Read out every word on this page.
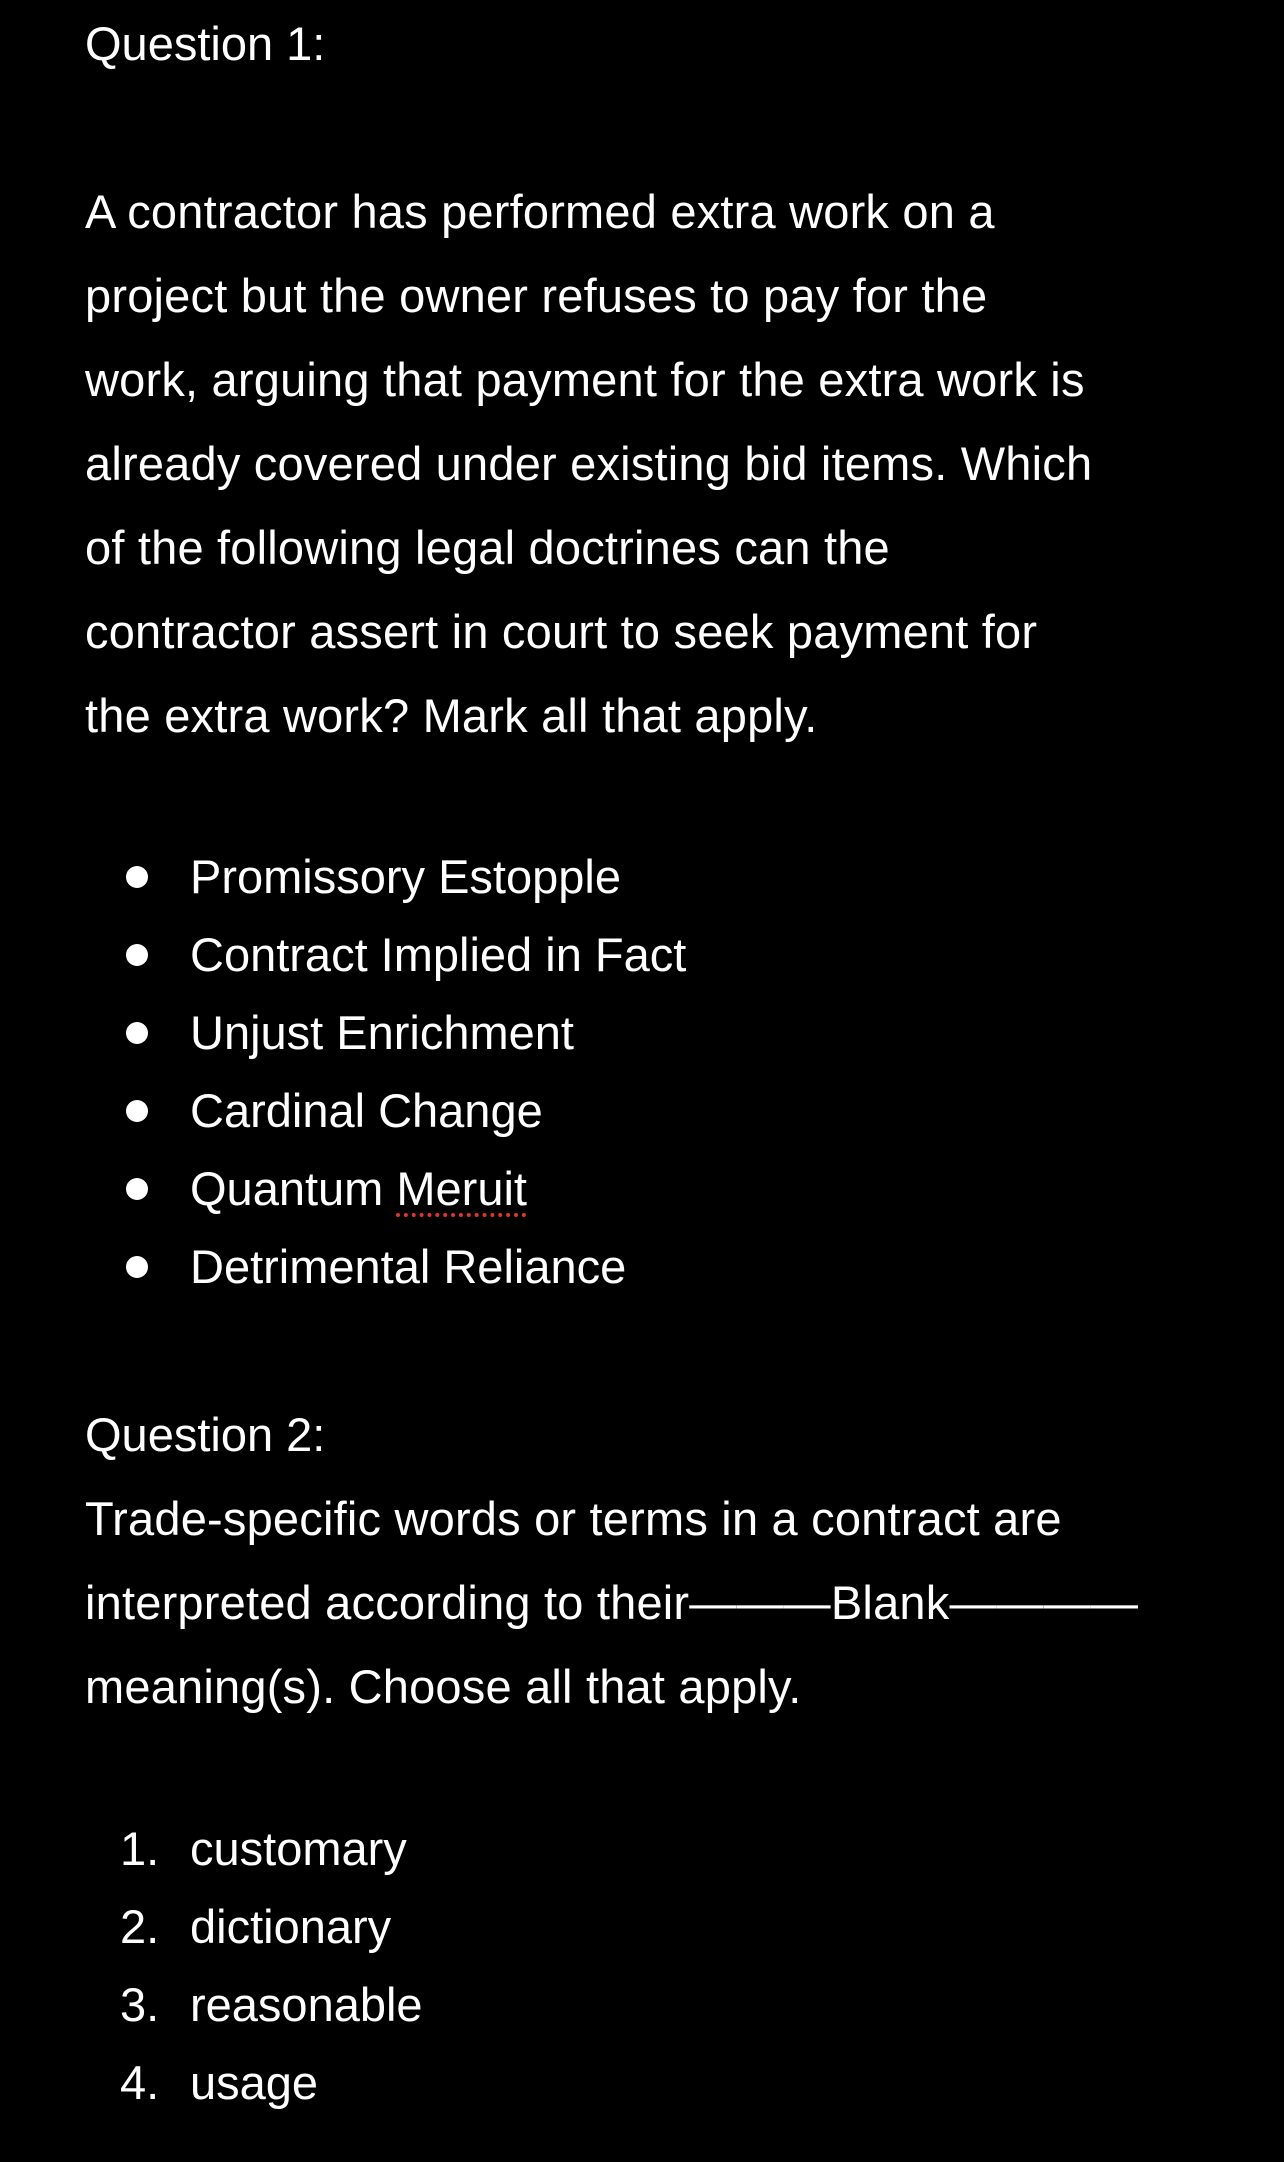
Question 1:
A contractor has performed extra work on a
project but the owner refuses to pay for the
work, arguing that payment for the extra work is
already covered under existing bid items. Which
of the following legal doctrines can the
contractor assert in court to seek payment for
the extra work? Mark all that apply.
Promissory Estopple
Contract Implied in Fact
Unjust Enrichment
Cardinal Change
Quantum Meruit
Detrimental Reliance
Question 2:
Trade-specific words or terms in a contract are
interpreted according to their———Blank————
meaning(s). Choose all that apply.
1. customary
2. dictionary
3. reasonable
4. usage
